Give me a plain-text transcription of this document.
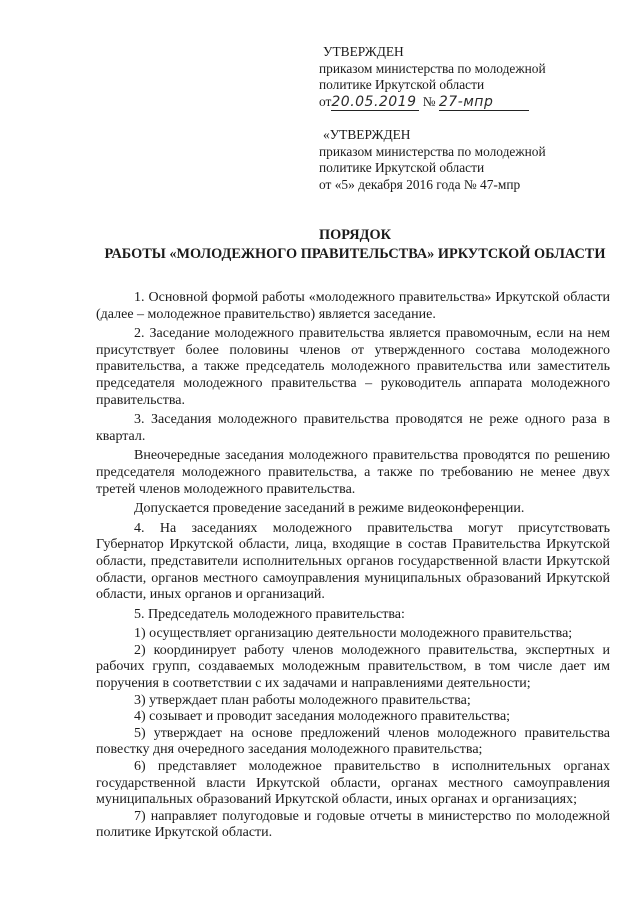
УТВЕРЖДЕН
приказом министерства по молодежной
политике Иркутской области
от20.05.2019 № 27-мпр
«УТВЕРЖДЕН
приказом министерства по молодежной
политике Иркутской области
от «5» декабря 2016 года № 47-мпр
ПОРЯДОК
РАБОТЫ «МОЛОДЕЖНОГО ПРАВИТЕЛЬСТВА» ИРКУТСКОЙ ОБЛАСТИ

1. Основной формой работы «молодежного правительства» Иркутской области (далее – молодежное правительство) является заседание.

2. Заседание молодежного правительства является правомочным, если на нем присутствует более половины членов от утвержденного состава молодежного правительства, а также председатель молодежного правительства или заместитель председателя молодежного правительства – руководитель аппарата молодежного правительства.

3. Заседания молодежного правительства проводятся не реже одного раза в квартал.

Внеочередные заседания молодежного правительства проводятся по решению председателя молодежного правительства, а также по требованию не менее двух третей членов молодежного правительства.

Допускается проведение заседаний в режиме видеоконференции.

4. На заседаниях молодежного правительства могут присутствовать Губернатор Иркутской области, лица, входящие в состав Правительства Иркутской области, представители исполнительных органов государственной власти Иркутской области, органов местного самоуправления муниципальных образований Иркутской области, иных органов и организаций.

5. Председатель молодежного правительства:

1) осуществляет организацию деятельности молодежного правительства;

2) координирует работу членов молодежного правительства, экспертных и рабочих групп, создаваемых молодежным правительством, в том числе дает им поручения в соответствии с их задачами и направлениями деятельности;

3) утверждает план работы молодежного правительства;

4) созывает и проводит заседания молодежного правительства;

5) утверждает на основе предложений членов молодежного правительства повестку дня очередного заседания молодежного правительства;

6) представляет молодежное правительство в исполнительных органах государственной власти Иркутской области, органах местного самоуправления муниципальных образований Иркутской области, иных органах и организациях;

7) направляет полугодовые и годовые отчеты в министерство по молодежной политике Иркутской области.
